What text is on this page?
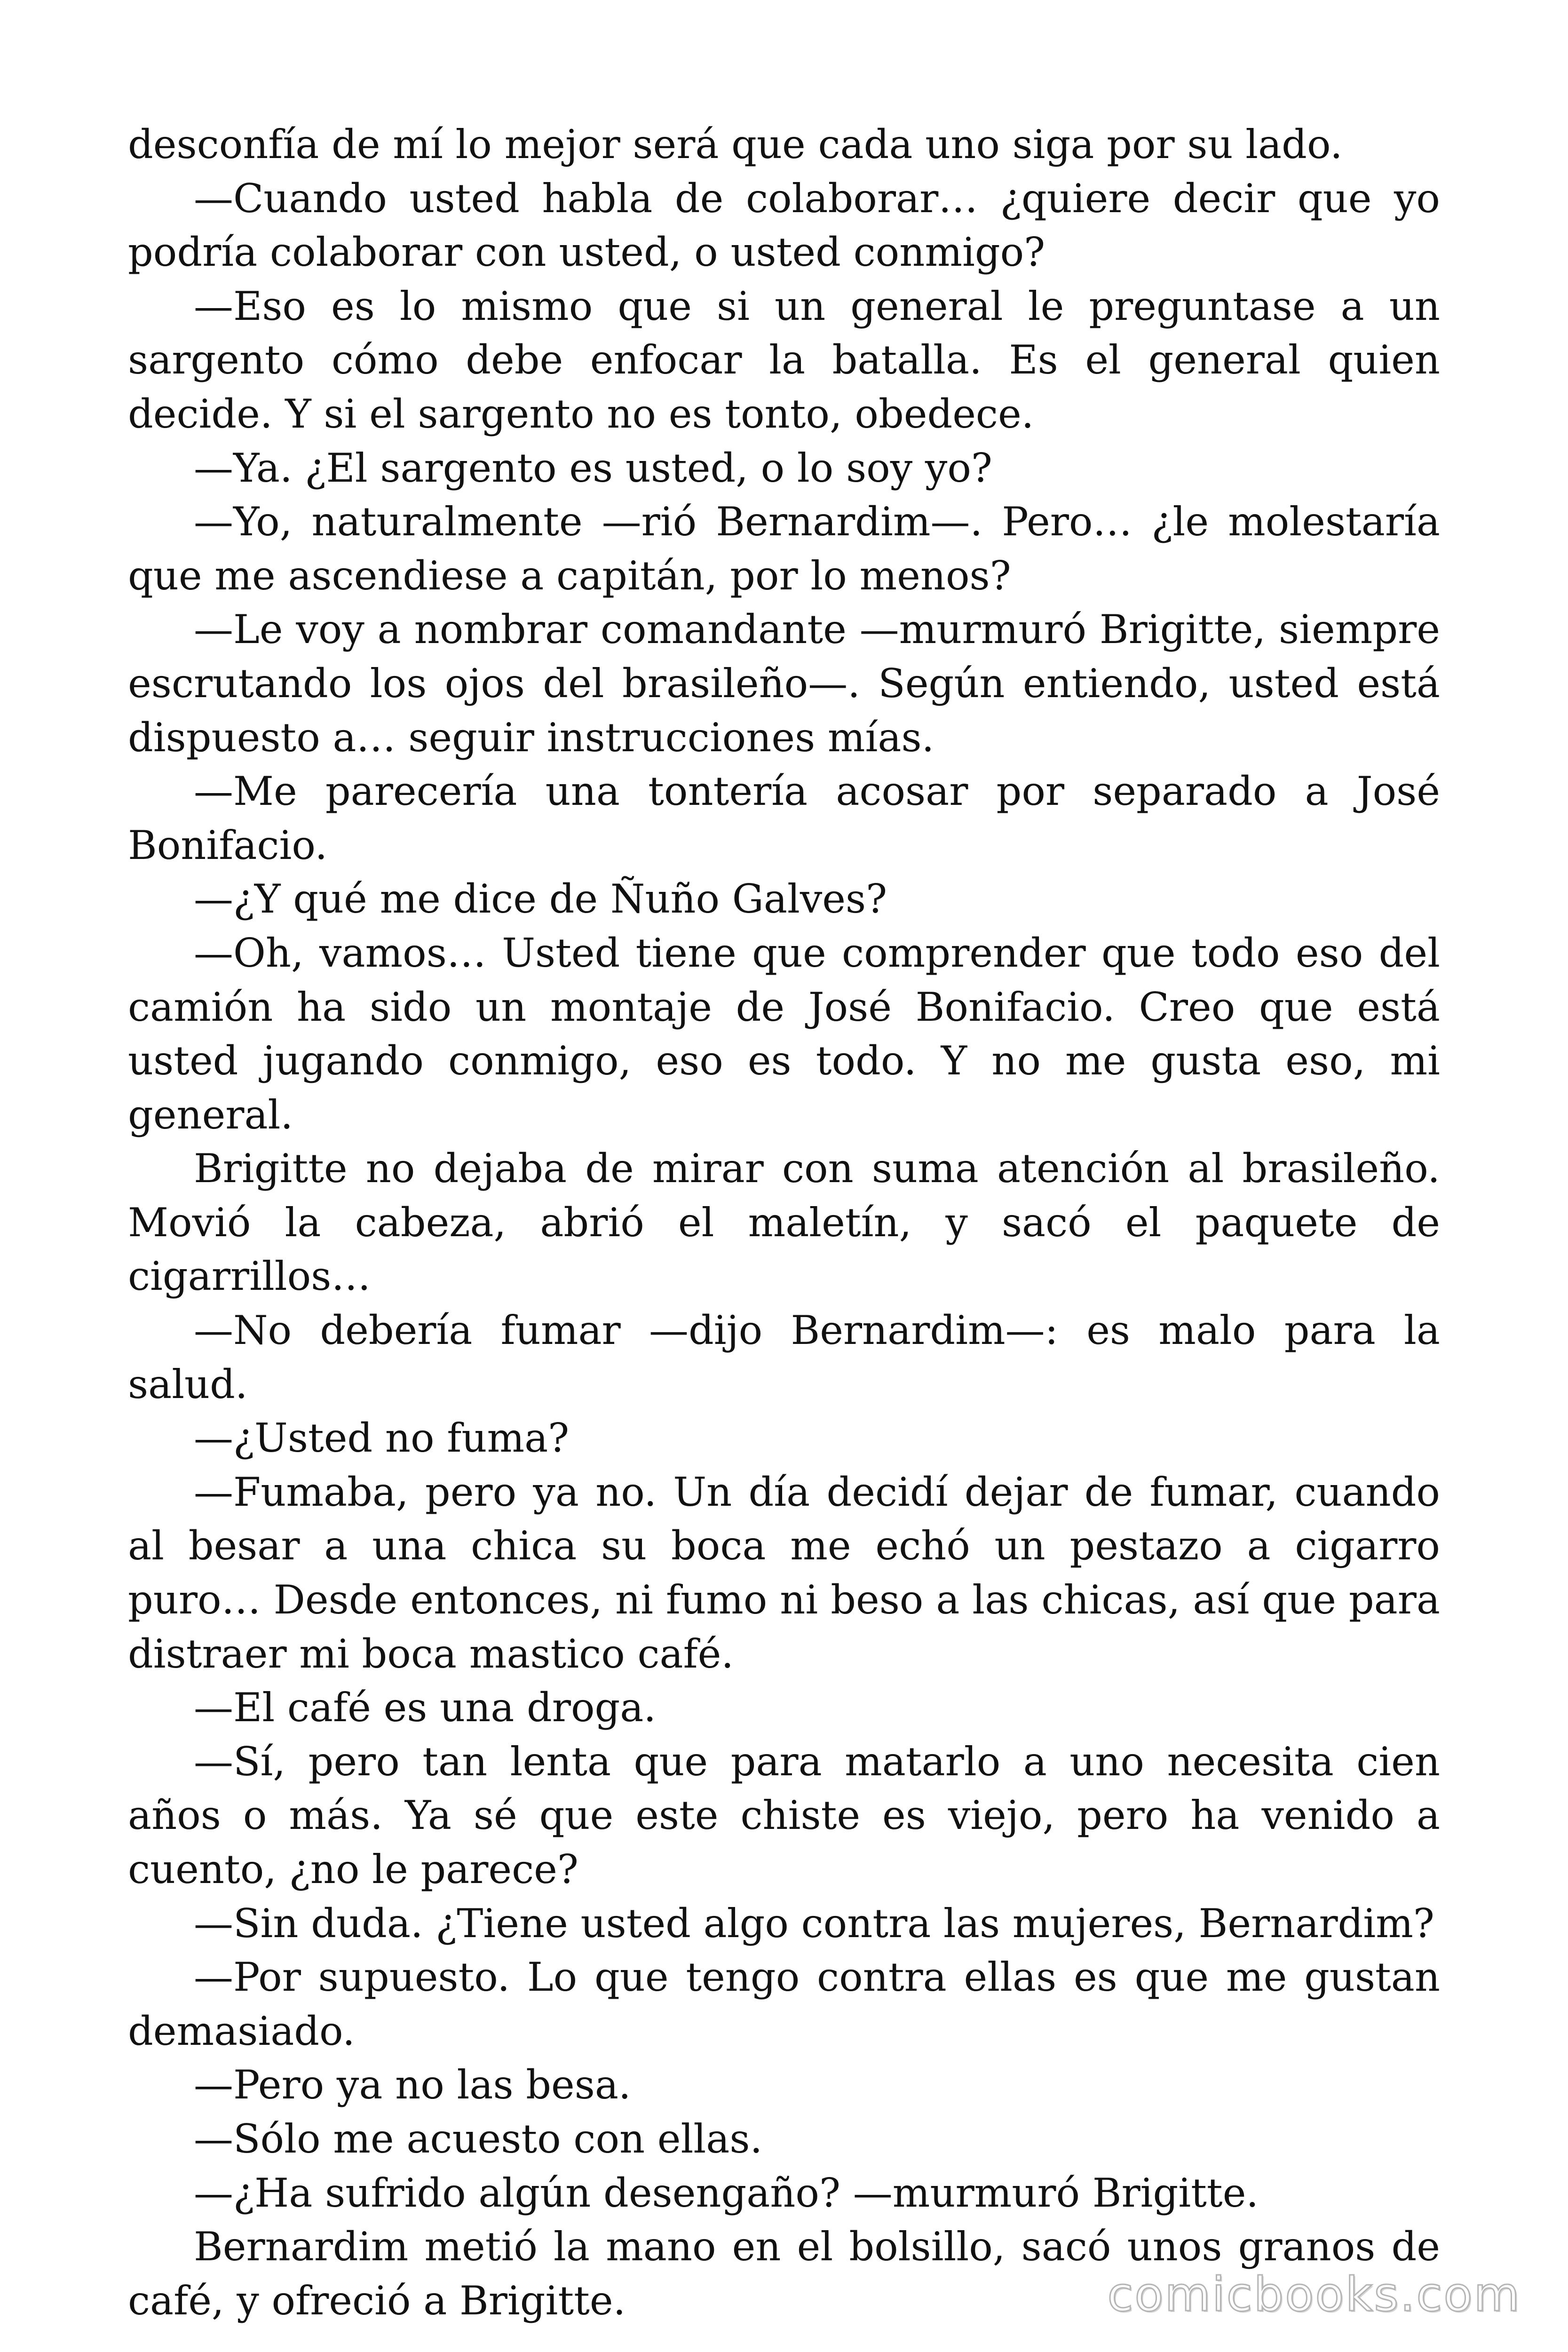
desconfía de mí lo mejor será que cada uno siga por su lado.

—Cuando usted habla de colaborar… ¿quiere decir que yo podría colaborar con usted, o usted conmigo?

—Eso es lo mismo que si un general le preguntase a un sargento cómo debe enfocar la batalla. Es el general quien decide. Y si el sargento no es tonto, obedece.

—Ya. ¿El sargento es usted, o lo soy yo?

—Yo, naturalmente —rió Bernardim—. Pero… ¿le molestaría que me ascendiese a capitán, por lo menos?

—Le voy a nombrar comandante —murmuró Brigitte, siempre escrutando los ojos del brasileño—. Según entiendo, usted está dispuesto a… seguir instrucciones mías.

—Me parecería una tontería acosar por separado a José Bonifacio.

—¿Y qué me dice de Ñuño Galves?

—Oh, vamos… Usted tiene que comprender que todo eso del camión ha sido un montaje de José Bonifacio. Creo que está usted jugando conmigo, eso es todo. Y no me gusta eso, mi general.

Brigitte no dejaba de mirar con suma atención al brasileño. Movió la cabeza, abrió el maletín, y sacó el paquete de cigarrillos…

—No debería fumar —dijo Bernardim—: es malo para la salud.

—¿Usted no fuma?

—Fumaba, pero ya no. Un día decidí dejar de fumar, cuando al besar a una chica su boca me echó un pestazo a cigarro puro… Desde entonces, ni fumo ni beso a las chicas, así que para distraer mi boca mastico café.

—El café es una droga.

—Sí, pero tan lenta que para matarlo a uno necesita cien años o más. Ya sé que este chiste es viejo, pero ha venido a cuento, ¿no le parece?

—Sin duda. ¿Tiene usted algo contra las mujeres, Bernardim?

—Por supuesto. Lo que tengo contra ellas es que me gustan demasiado.

—Pero ya no las besa.

—Sólo me acuesto con ellas.

—¿Ha sufrido algún desengaño? —murmuró Brigitte.

Bernardim metió la mano en el bolsillo, sacó unos granos de café, y ofreció a Brigitte.	comicbooks.com
